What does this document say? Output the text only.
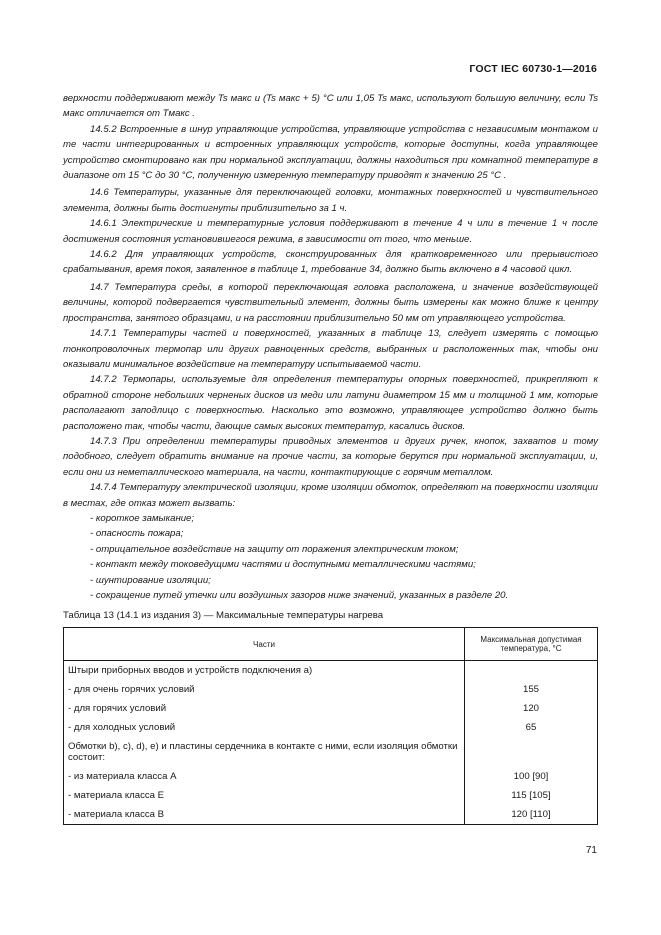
ГОСТ IEC 60730-1—2016

верхности поддерживают между Ts макс и (Ts макс + 5) °C или 1,05 Ts макс, используют большую величину, если Ts макс отличается от Tмакс .

14.5.2 Встроенные в шнур управляющие устройства, управляющие устройства с независимым монтажом и те части интегрированных и встроенных управляющих устройств, которые доступны, когда управляющее устройство смонтировано как при нормальной эксплуатации, должны находиться при комнатной температуре в диапазоне от 15 °C до 30 °C, полученную измеренную температуру приводят к значению 25 °C .

14.6 Температуры, указанные для переключающей головки, монтажных поверхностей и чувствительного элемента, должны быть достигнуты приблизительно за 1 ч.

14.6.1 Электрические и температурные условия поддерживают в течение 4 ч или в течение 1 ч после достижения состояния установившегося режима, в зависимости от того, что меньше.

14.6.2 Для управляющих устройств, сконструированных для кратковременного или прерывистого срабатывания, время покоя, заявленное в таблице 1, требование 34, должно быть включено в 4 часовой цикл.

14.7 Температура среды, в которой переключающая головка расположена, и значение воздействующей величины, которой подвергается чувствительный элемент, должны быть измерены как можно ближе к центру пространства, занятого образцами, и на расстоянии приблизительно 50 мм от управляющего устройства.

14.7.1 Температуры частей и поверхностей, указанных в таблице 13, следует измерять с помощью тонкопроволочных термопар или других равноценных средств, выбранных и расположенных так, чтобы они оказывали минимальное воздействие на температуру испытываемой части.

14.7.2 Термопары, используемые для определения температуры опорных поверхностей, прикрепляют к обратной стороне небольших черненых дисков из меди или латуни диаметром 15 мм и толщиной 1 мм, которые располагают заподлицо с поверхностью. Насколько это возможно, управляющее устройство должно быть расположено так, чтобы части, дающие самых высоких температур, касались дисков.

14.7.3 При определении температуры приводных элементов и других ручек, кнопок, захватов и тому подобного, следует обратить внимание на прочие части, за которые берутся при нормальной эксплуатации, и, если они из неметаллического материала, на части, контактирующие с горячим металлом.

14.7.4 Температуру электрической изоляции, кроме изоляции обмоток, определяют на поверхности изоляции в местах, где отказ может вызвать:

- короткое замыкание;

- опасность пожара;

- отрицательное воздействие на защиту от поражения электрическим током;

- контакт между токоведущими частями и доступными металлическими частями;

- шунтирование изоляции;

- сокращение путей утечки или воздушных зазоров ниже значений, указанных в разделе 20.

Таблица 13 (14.1 из издания 3) — Максимальные температуры нагрева
Части	Максимальная допустимая температура, °C
Штыри приборных вводов и устройств подключения a)	
- для очень горячих условий	155
- для горячих условий	120
- для холодных условий	65
Обмотки b), c), d), e) и пластины сердечника в контакте с ними, если изоляция обмотки состоит:	
- из материала класса A	100 [90]
- материала класса E	115 [105]
- материала класса B	120 [110]
71
